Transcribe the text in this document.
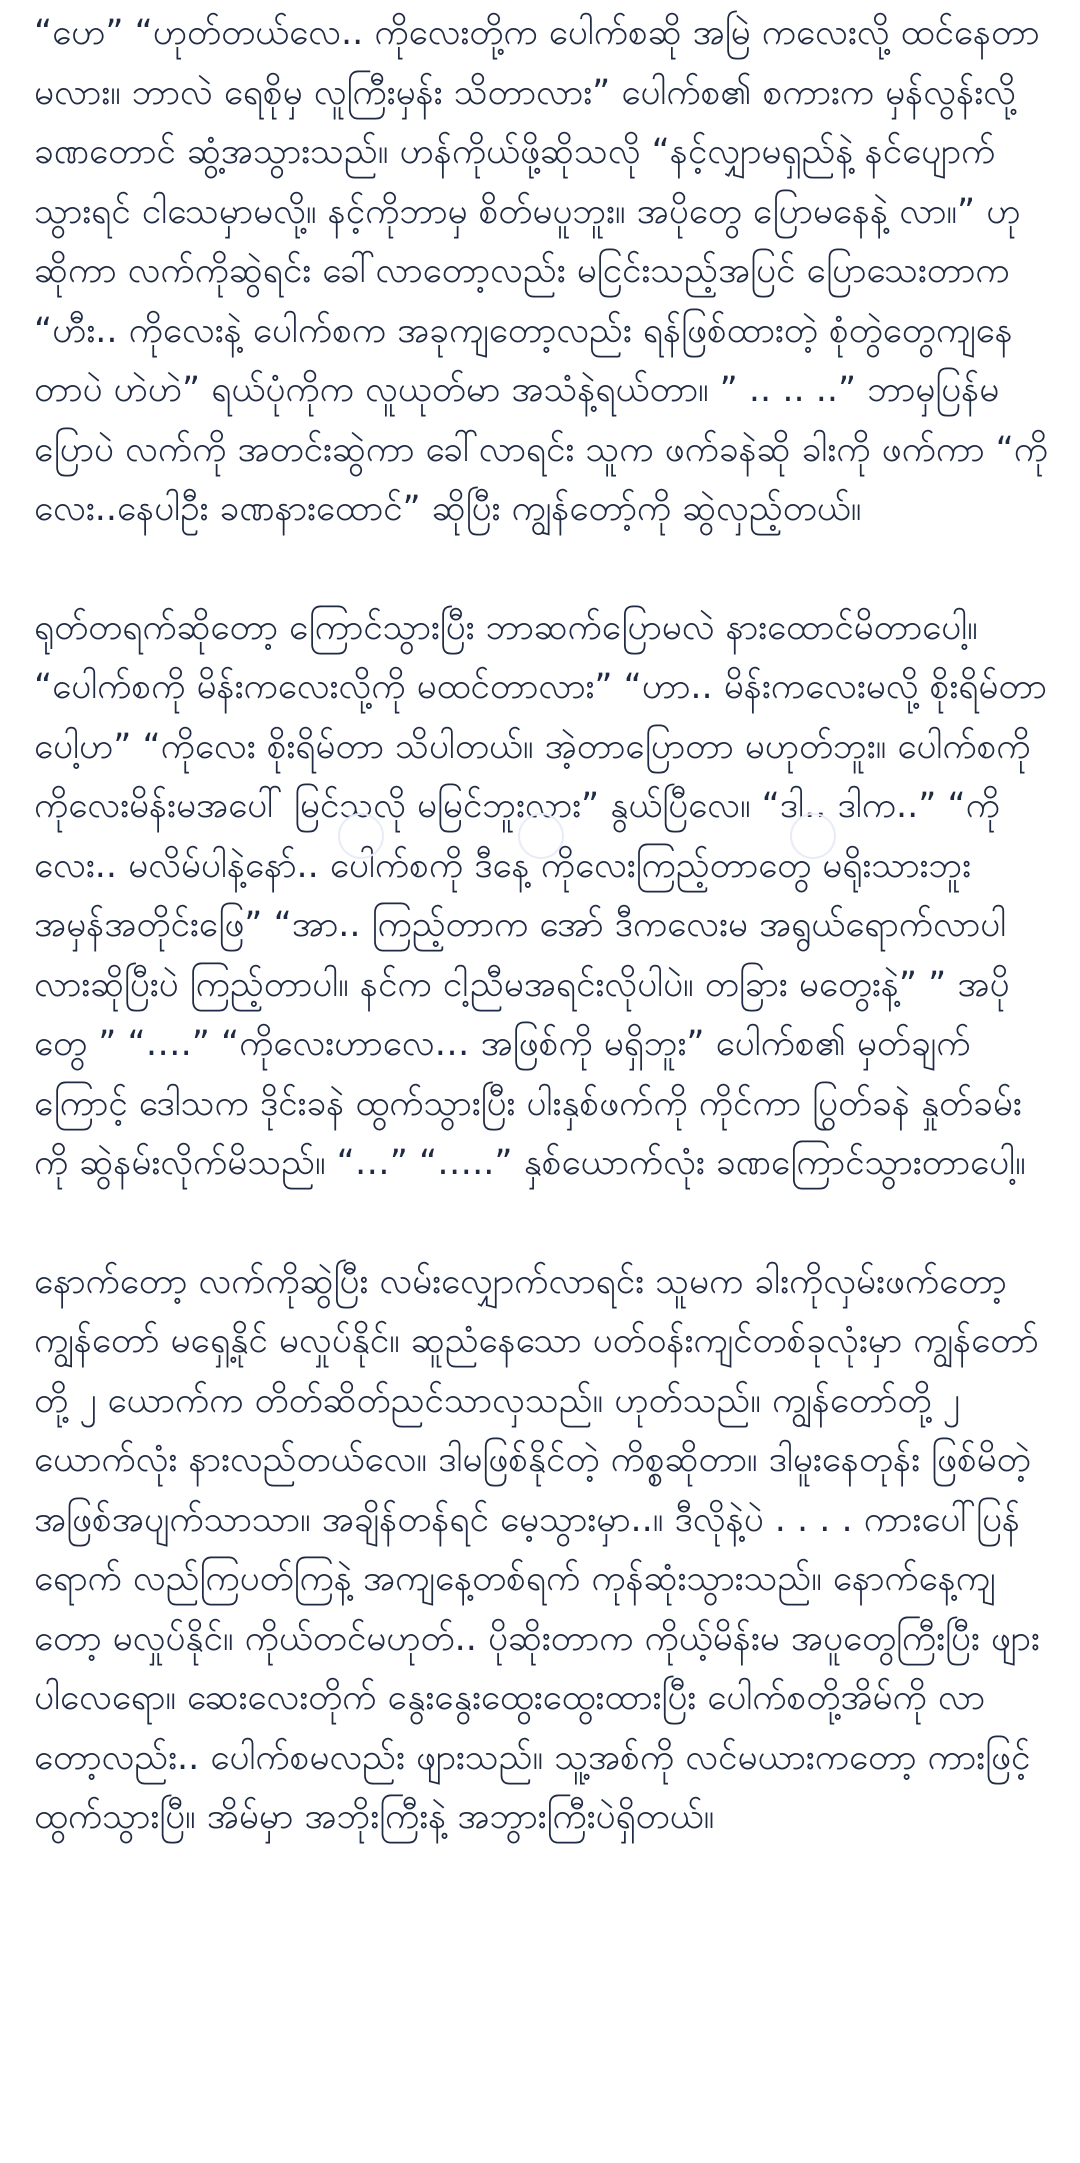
“ဟေ” “ဟုတ်တယ်လေ.. ကိုလေးတို့က ပေါက်စဆို အမြဲ ကလေးလို့ ထင်နေတာမလား။ ဘာလဲ ရေစိုမှ လူကြီးမှန်း သိတာလား” ပေါက်စ၏ စကားက မှန်လွန်းလို့ ခဏတောင် ဆွံ့အသွားသည်။ ဟန်ကိုယ်ဖို့ဆိုသလို “နင့်လျှာမရှည်နဲ့ နင်ပျောက်သွားရင် ငါသေမှာမလို့။ နင့်ကိုဘာမှ စိတ်မပူဘူး။ အပိုတွေ ပြောမနေနဲ့ လာ။” ဟုဆိုကာ လက်ကိုဆွဲရင်း ခေါ်လာတော့လည်း မငြင်းသည့်အပြင် ပြောသေးတာက “ဟီး.. ကိုလေးနဲ့ ပေါက်စက အခုကျတော့လည်း ရန်ဖြစ်ထားတဲ့ စုံတွဲတွေကျနေတာပဲ ဟဲဟဲ” ရယ်ပုံကိုက လူယုတ်မာ အသံနဲ့ရယ်တာ။ ” .. .. ..” ဘာမှပြန်မပြောပဲ လက်ကို အတင်းဆွဲကာ ခေါ်လာရင်း သူက ဖက်ခနဲဆို ခါးကို ဖက်ကာ “ကိုလေး..နေပါဦး ခဏနားထောင်” ဆိုပြီး ကျွန်တော့်ကို ဆွဲလှည့်တယ်။

ရုတ်တရက်ဆိုတော့ ကြောင်သွားပြီး ဘာဆက်ပြောမလဲ နားထောင်မိတာပေါ့။ “ပေါက်စကို မိန်းကလေးလို့ကို မထင်တာလား” “ဟာ.. မိန်းကလေးမလို့ စိုးရိမ်တာပေါ့ဟ” “ကိုလေး စိုးရိမ်တာ သိပါတယ်။ အဲ့တာပြောတာ မဟုတ်ဘူး။ ပေါက်စကို ကိုလေးမိန်းမအပေါ် မြင်သလို မမြင်ဘူးလား” နွယ်ပြီလေ။ “ဒါ.. ဒါက..” “ကိုလေး.. မလိမ်ပါနဲ့နော်.. ပေါက်စကို ဒီနေ့ ကိုလေးကြည့်တာတွေ မရိုးသားဘူး အမှန်အတိုင်းဖြေ” “အာ.. ကြည့်တာက အော် ဒီကလေးမ အရွယ်ရောက်လာပါလားဆိုပြီးပဲ ကြည့်တာပါ။ နင်က ငါ့ညီမအရင်းလိုပါပဲ။ တခြား မတွေးနဲ့” ” အပိုတွေ ” “….” “ကိုလေးဟာလေ… အဖြစ်ကို မရှိဘူး” ပေါက်စ၏ မှတ်ချက်ကြောင့် ဒေါသက ဒိုင်းခနဲ ထွက်သွားပြီး ပါးနှစ်ဖက်ကို ကိုင်ကာ ပြွတ်ခနဲ နှုတ်ခမ်းကို ဆွဲနမ်းလိုက်မိသည်။ “…” “…..” နှစ်ယောက်လုံး ခဏကြောင်သွားတာပေါ့။

နောက်တော့ လက်ကိုဆွဲပြီး လမ်းလျှောက်လာရင်း သူမက ခါးကိုလှမ်းဖက်တော့ ကျွန်တော် မရှေ့နိုင် မလှုပ်နိုင်။ ဆူညံနေသော ပတ်ဝန်းကျင်တစ်ခုလုံးမှာ ကျွန်တော်တို့ ၂ ယောက်က တိတ်ဆိတ်ညင်သာလှသည်။ ဟုတ်သည်။ ကျွန်တော်တို့ ၂ ယောက်လုံး နားလည်တယ်လေ။ ဒါမဖြစ်နိုင်တဲ့ ကိစ္စဆိုတာ။ ဒါမူးနေတုန်း ဖြစ်မိတဲ့ အဖြစ်အပျက်သာသာ။ အချိန်တန်ရင် မေ့သွားမှာ..။ ဒီလိုနဲ့ပဲ . . . . ကားပေါ်ပြန်ရောက် လည်ကြပတ်ကြနဲ့ အကျနေ့တစ်ရက် ကုန်ဆုံးသွားသည်။ နောက်နေ့ကျတော့ မလှုပ်နိုင်။ ကိုယ်တင်မဟုတ်.. ပိုဆိုးတာက ကိုယ့်မိန်းမ အပူတွေကြီးပြီး ဖျားပါလေရော။ ဆေးလေးတိုက် နွေးနွေးထွေးထွေးထားပြီး ပေါက်စတို့အိမ်ကို လာတော့လည်း.. ပေါက်စမလည်း ဖျားသည်။ သူ့အစ်ကို လင်မယားကတော့ ကားဖြင့် ထွက်သွားပြီ။ အိမ်မှာ အဘိုးကြီးနဲ့ အဘွားကြီးပဲရှိတယ်။
